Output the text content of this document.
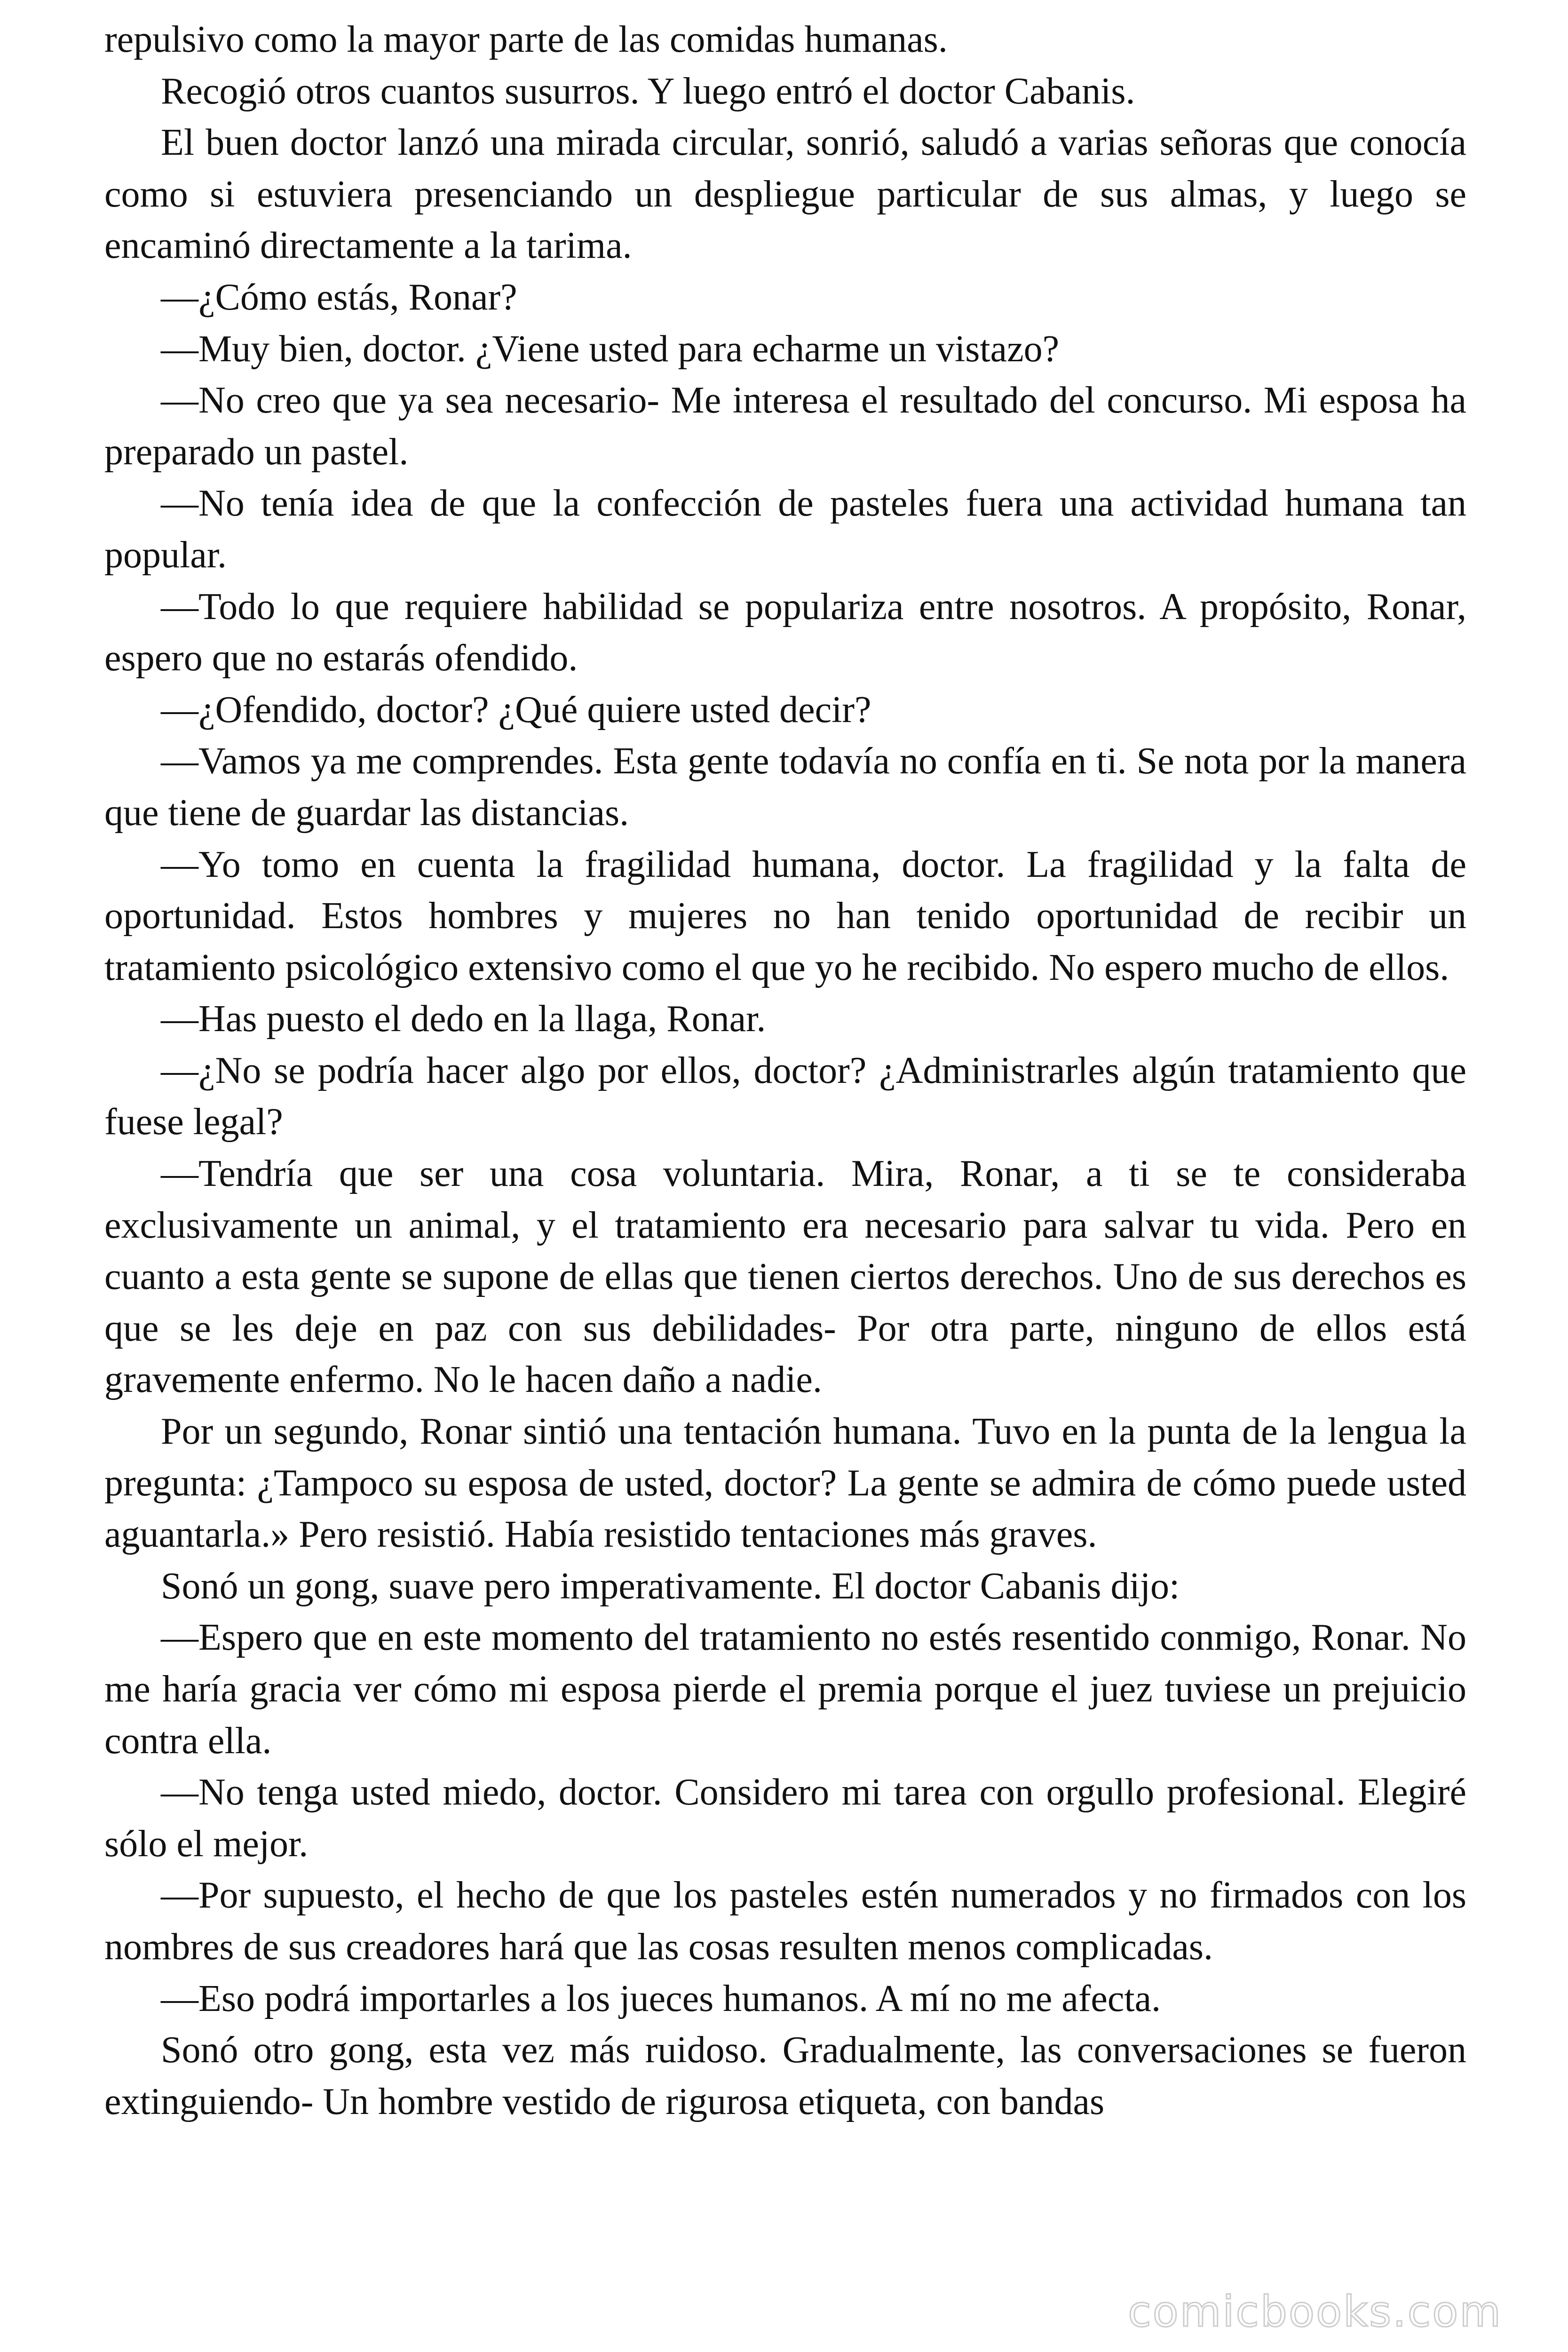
repulsivo como la mayor parte de las comidas humanas.

Recogió otros cuantos susurros. Y luego entró el doctor Cabanis.

El buen doctor lanzó una mirada circular, sonrió, saludó a varias señoras que conocía como si estuviera presenciando un despliegue particular de sus almas, y luego se encaminó directamente a la tarima.

—¿Cómo estás, Ronar?

—Muy bien, doctor. ¿Viene usted para echarme un vistazo?

—No creo que ya sea necesario- Me interesa el resultado del concurso. Mi esposa ha preparado un pastel.

—No tenía idea de que la confección de pasteles fuera una actividad humana tan popular.

—Todo lo que requiere habilidad se populariza entre nosotros. A propósito, Ronar, espero que no estarás ofendido.

—¿Ofendido, doctor? ¿Qué quiere usted decir?

—Vamos ya me comprendes. Esta gente todavía no confía en ti. Se nota por la manera que tiene de guardar las distancias.

—Yo tomo en cuenta la fragilidad humana, doctor. La fragilidad y la falta de oportunidad. Estos hombres y mujeres no han tenido oportunidad de recibir un tratamiento psicológico extensivo como el que yo he recibido. No espero mucho de ellos.

—Has puesto el dedo en la llaga, Ronar.

—¿No se podría hacer algo por ellos, doctor? ¿Administrarles algún tratamiento que fuese legal?

—Tendría que ser una cosa voluntaria. Mira, Ronar, a ti se te consideraba exclusivamente un animal, y el tratamiento era necesario para salvar tu vida. Pero en cuanto a esta gente se supone de ellas que tienen ciertos derechos. Uno de sus derechos es que se les deje en paz con sus debilidades- Por otra parte, ninguno de ellos está gravemente enfermo. No le hacen daño a nadie.

Por un segundo, Ronar sintió una tentación humana. Tuvo en la punta de la lengua la pregunta: ¿Tampoco su esposa de usted, doctor? La gente se admira de cómo puede usted aguantarla.» Pero resistió. Había resistido tentaciones más graves.

Sonó un gong, suave pero imperativamente. El doctor Cabanis dijo:

—Espero que en este momento del tratamiento no estés resentido conmigo, Ronar. No me haría gracia ver cómo mi esposa pierde el premia porque el juez tuviese un prejuicio contra ella.

—No tenga usted miedo, doctor. Considero mi tarea con orgullo profesional. Elegiré sólo el mejor.

—Por supuesto, el hecho de que los pasteles estén numerados y no firmados con los nombres de sus creadores hará que las cosas resulten menos complicadas.

—Eso podrá importarles a los jueces humanos. A mí no me afecta.

Sonó otro gong, esta vez más ruidoso. Gradualmente, las conversaciones se fueron extinguiendo- Un hombre vestido de rigurosa etiqueta, con bandas

comicbooks.com
